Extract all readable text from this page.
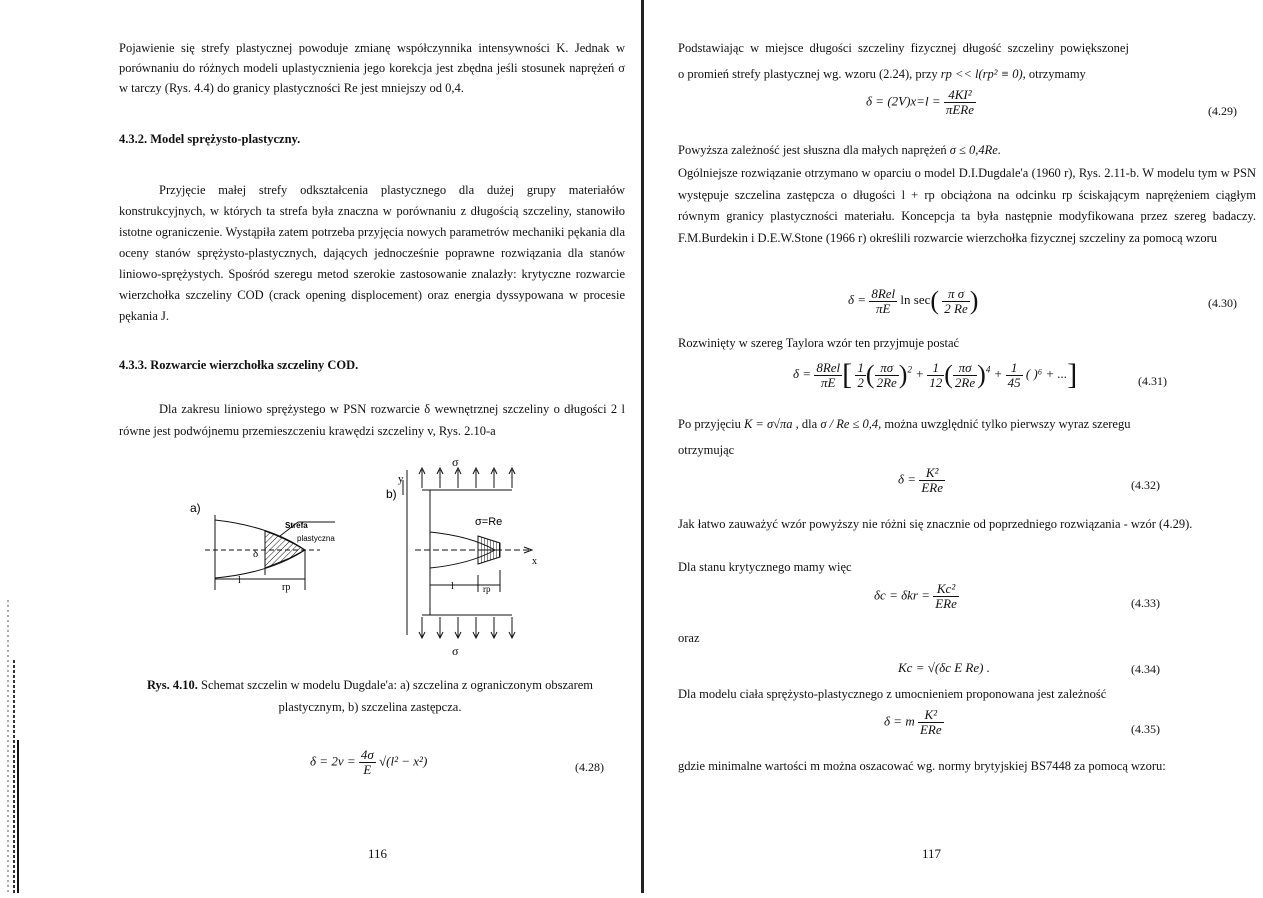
Pojawienie się strefy plastycznej powoduje zmianę współczynnika intensywności K. Jednak w porównaniu do różnych modeli uplastycznienia jego korekcja jest zbędna jeśli stosunek naprężeń σ w tarczy (Rys. 4.4) do granicy plastyczności Re jest mniejszy od 0,4.

4.3.2. Model sprężysto-plastyczny.

Przyjęcie małej strefy odkształcenia plastycznego dla dużej grupy materiałów konstrukcyjnych, w których ta strefa była znaczna w porównaniu z długością szczeliny, stanowiło istotne ograniczenie. Wystąpiła zatem potrzeba przyjęcia nowych parametrów mechaniki pękania dla oceny stanów sprężysto-plastycznych, dających jednocześnie poprawne rozwiązania dla stanów liniowo-sprężystych. Spośród szeregu metod szerokie zastosowanie znalazły: krytyczne rozwarcie wierzchołka szczeliny COD (crack opening displocement) oraz energia dyssypowana w procesie pękania J.

4.3.3. Rozwarcie wierzchołka szczeliny COD.

Dla zakresu liniowo sprężystego w PSN rozwarcie δ wewnętrznej szczeliny o długości 2 l równe jest podwójnemu przemieszczeniu krawędzi szczeliny v, Rys. 2.10-a

a)
Strefa
plastyczna
δ
l
rp
b)
σ
y
σ=Re
x
l	rp
σ
Rys. 4.10. Schemat szczelin w modelu Dugdale'a: a) szczelina z ograniczonym obszarem
plastycznym, b) szczelina zastępcza.
$\delta = 2v = \frac{4\sigma}{E} √(l^2 - x^2)$	(4.28)
116

Podstawiając w miejsce długości szczeliny fizycznej długość szczeliny powiększonej

o promień strefy plastycznej wg. wzoru (2.24), przy rp << l(rp² ≡ 0), otrzymamy

$\delta = (2V)x=l = \frac{\text{4KI²}}{\text{πERe}}$	(4.29)

Powyższa zależność jest słuszna dla małych naprężeń σ ≤ 0,4Re.

Ogólniejsze rozwiązanie otrzymano w oparciu o model D.I.Dugdale'a (1960 r), Rys. 2.11-b. W modelu tym w PSN występuje szczelina zastępcza o długości l + rp obciążona na odcinku rp ściskającym naprężeniem ciągłym równym granicy plastyczności materiału. Koncepcja ta była następnie modyfikowana przez szereg badaczy. F.M.Burdekin i D.E.W.Stone (1966 r) określili rozwarcie wierzchołka fizycznej szczeliny za pomocą wzoru

$\delta = \frac{\text{8Rel}}{\pi E}$ $\ln \sec( \frac{\text{π σ}}{2 Re}$ )	(4.30)

Rozwinięty w szereg Taylora wzór ten przyjmuje postać

$\delta = \frac{\text{8Rel}}{\pi E}$ [ $\frac{1}{2}$ ( $\frac{\pi\sigma}{2Re} )^2 + \frac{1}{12}$ ( $\frac{\pi\sigma}{2Re} )^4 + \frac{1}{45}$ ( )⁶ + ...]	(4.31)

Po przyjęciu K = σ√πa , dla σ / Re ≤ 0,4, można uwzględnić tylko pierwszy wyraz szeregu

otrzymując

$\delta = \frac{\text{K²}}{\text{ERe}}$	(4.32)

Jak łatwo zauważyć wzór powyższy nie różni się znacznie od poprzedniego rozwiązania - wzór (4.29).

Dla stanu krytycznego mamy więc

$\delta c = \delta kr = \frac{\text{Kc²}}{\text{ERe}}$	(4.33)

oraz

Kc = √(δc E Re) .	(4.34)

Dla modelu ciała sprężysto-plastycznego z umocnieniem proponowana jest zależność

δ = m $\frac{\text{K²}}{\text{ERe}}$	(4.35)

gdzie minimalne wartości m można oszacować wg. normy brytyjskiej BS7448 za pomocą wzoru:

117
